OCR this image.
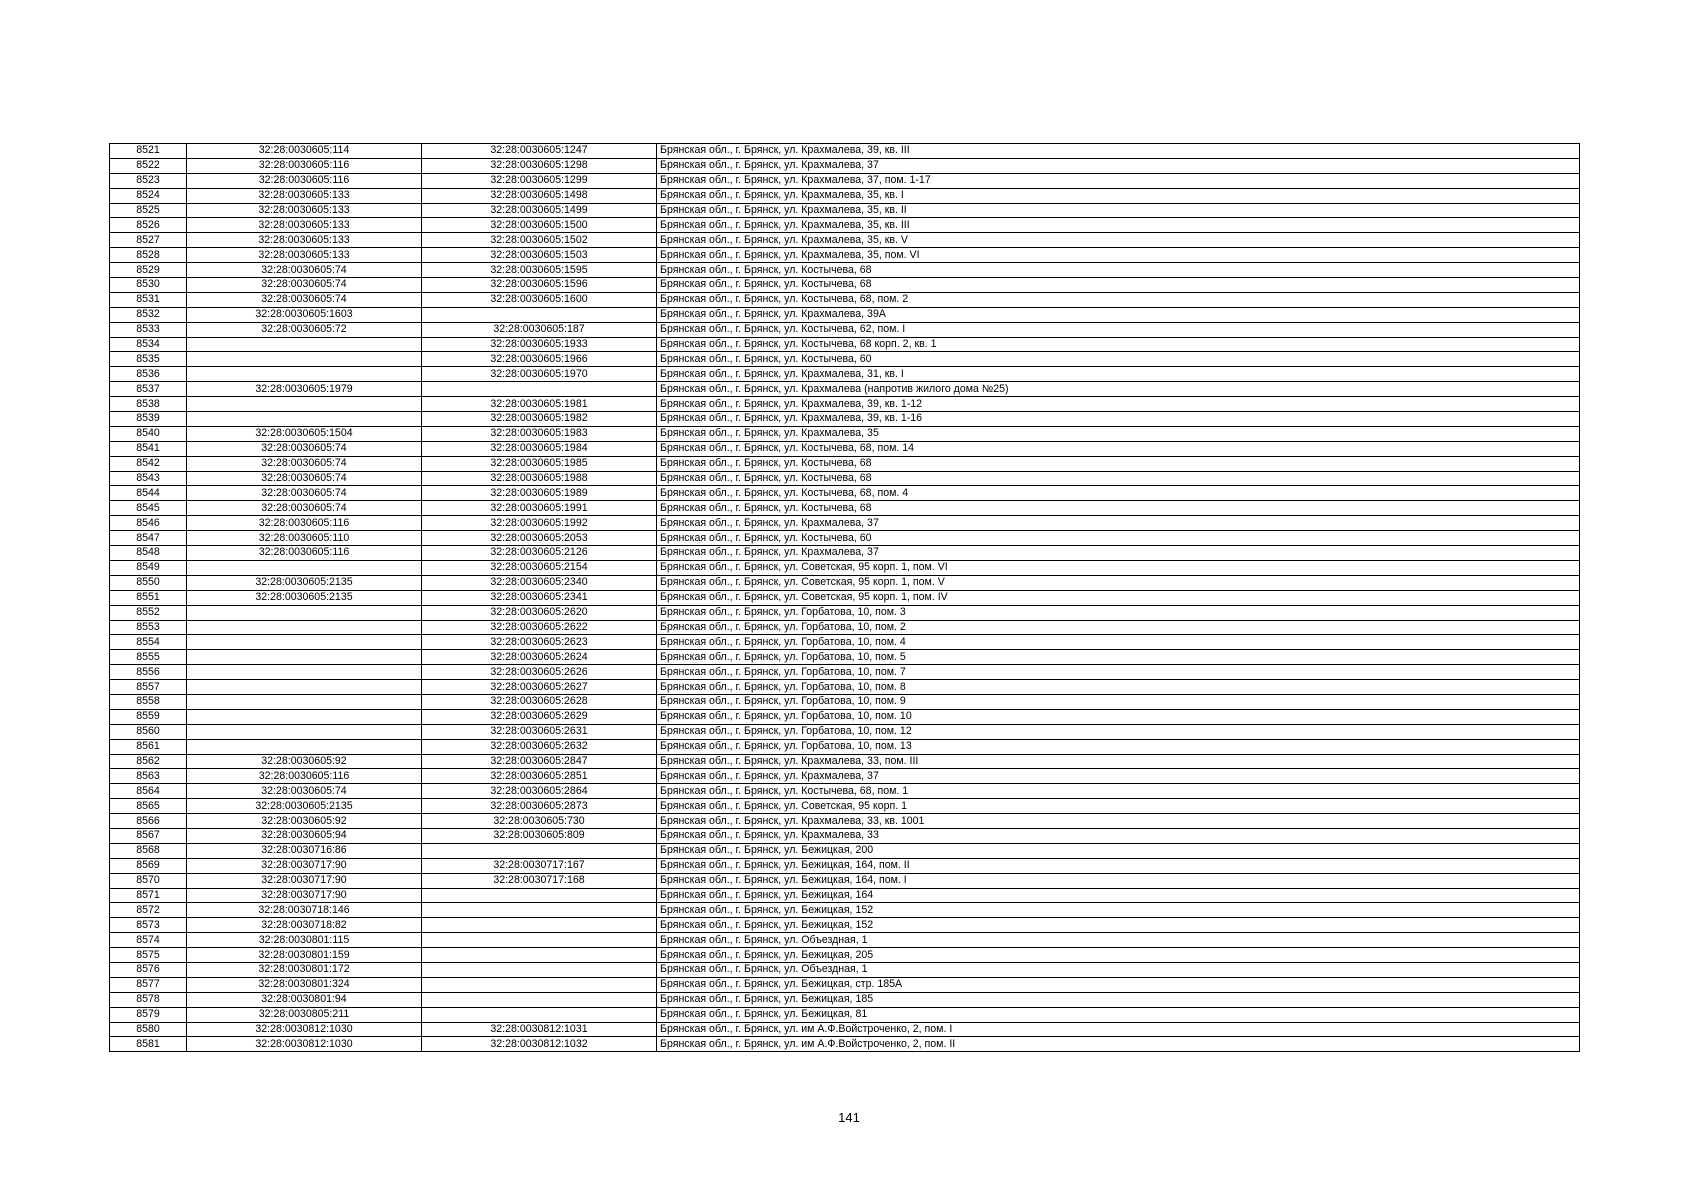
8521	32:28:0030605:114	32:28:0030605:1247	Брянская обл., г. Брянск, ул. Крахмалева, 39, кв. III
8522	32:28:0030605:116	32:28:0030605:1298	Брянская обл., г. Брянск, ул. Крахмалева, 37
8523	32:28:0030605:116	32:28:0030605:1299	Брянская обл., г. Брянск, ул. Крахмалева, 37, пом. 1-17
8524	32:28:0030605:133	32:28:0030605:1498	Брянская обл., г. Брянск, ул. Крахмалева, 35, кв. I
8525	32:28:0030605:133	32:28:0030605:1499	Брянская обл., г. Брянск, ул. Крахмалева, 35, кв. II
8526	32:28:0030605:133	32:28:0030605:1500	Брянская обл., г. Брянск, ул. Крахмалева, 35, кв. III
8527	32:28:0030605:133	32:28:0030605:1502	Брянская обл., г. Брянск, ул. Крахмалева, 35, кв. V
8528	32:28:0030605:133	32:28:0030605:1503	Брянская обл., г. Брянск, ул. Крахмалева, 35, пом. VI
8529	32:28:0030605:74	32:28:0030605:1595	Брянская обл., г. Брянск, ул. Костычева, 68
8530	32:28:0030605:74	32:28:0030605:1596	Брянская обл., г. Брянск, ул. Костычева, 68
8531	32:28:0030605:74	32:28:0030605:1600	Брянская обл., г. Брянск, ул. Костычева, 68, пом. 2
8532	32:28:0030605:1603		Брянская обл., г. Брянск, ул. Крахмалева, 39А
8533	32:28:0030605:72	32:28:0030605:187	Брянская обл., г. Брянск, ул. Костычева, 62, пом. I
8534		32:28:0030605:1933	Брянская обл., г. Брянск, ул. Костычева, 68 корп. 2, кв. 1
8535		32:28:0030605:1966	Брянская обл., г. Брянск, ул. Костычева, 60
8536		32:28:0030605:1970	Брянская обл., г. Брянск, ул. Крахмалева, 31, кв. I
8537	32:28:0030605:1979		Брянская обл., г. Брянск, ул. Крахмалева (напротив жилого дома №25)
8538		32:28:0030605:1981	Брянская обл., г. Брянск, ул. Крахмалева, 39, кв. 1-12
8539		32:28:0030605:1982	Брянская обл., г. Брянск, ул. Крахмалева, 39, кв. 1-16
8540	32:28:0030605:1504	32:28:0030605:1983	Брянская обл., г. Брянск, ул. Крахмалева, 35
8541	32:28:0030605:74	32:28:0030605:1984	Брянская обл., г. Брянск, ул. Костычева, 68, пом. 14
8542	32:28:0030605:74	32:28:0030605:1985	Брянская обл., г. Брянск, ул. Костычева, 68
8543	32:28:0030605:74	32:28:0030605:1988	Брянская обл., г. Брянск, ул. Костычева, 68
8544	32:28:0030605:74	32:28:0030605:1989	Брянская обл., г. Брянск, ул. Костычева, 68, пом. 4
8545	32:28:0030605:74	32:28:0030605:1991	Брянская обл., г. Брянск, ул. Костычева, 68
8546	32:28:0030605:116	32:28:0030605:1992	Брянская обл., г. Брянск, ул. Крахмалева, 37
8547	32:28:0030605:110	32:28:0030605:2053	Брянская обл., г. Брянск, ул. Костычева, 60
8548	32:28:0030605:116	32:28:0030605:2126	Брянская обл., г. Брянск, ул. Крахмалева, 37
8549		32:28:0030605:2154	Брянская обл., г. Брянск, ул. Советская, 95 корп. 1, пом. VI
8550	32:28:0030605:2135	32:28:0030605:2340	Брянская обл., г. Брянск, ул. Советская, 95 корп. 1, пом. V
8551	32:28:0030605:2135	32:28:0030605:2341	Брянская обл., г. Брянск, ул. Советская, 95 корп. 1, пом. IV
8552		32:28:0030605:2620	Брянская обл., г. Брянск, ул. Горбатова, 10, пом. 3
8553		32:28:0030605:2622	Брянская обл., г. Брянск, ул. Горбатова, 10, пом. 2
8554		32:28:0030605:2623	Брянская обл., г. Брянск, ул. Горбатова, 10, пом. 4
8555		32:28:0030605:2624	Брянская обл., г. Брянск, ул. Горбатова, 10, пом. 5
8556		32:28:0030605:2626	Брянская обл., г. Брянск, ул. Горбатова, 10, пом. 7
8557		32:28:0030605:2627	Брянская обл., г. Брянск, ул. Горбатова, 10, пом. 8
8558		32:28:0030605:2628	Брянская обл., г. Брянск, ул. Горбатова, 10, пом. 9
8559		32:28:0030605:2629	Брянская обл., г. Брянск, ул. Горбатова, 10, пом. 10
8560		32:28:0030605:2631	Брянская обл., г. Брянск, ул. Горбатова, 10, пом. 12
8561		32:28:0030605:2632	Брянская обл., г. Брянск, ул. Горбатова, 10, пом. 13
8562	32:28:0030605:92	32:28:0030605:2847	Брянская обл., г. Брянск, ул. Крахмалева, 33, пом. III
8563	32:28:0030605:116	32:28:0030605:2851	Брянская обл., г. Брянск, ул. Крахмалева, 37
8564	32:28:0030605:74	32:28:0030605:2864	Брянская обл., г. Брянск, ул. Костычева, 68, пом. 1
8565	32:28:0030605:2135	32:28:0030605:2873	Брянская обл., г. Брянск, ул. Советская, 95 корп. 1
8566	32:28:0030605:92	32:28:0030605:730	Брянская обл., г. Брянск, ул. Крахмалева, 33, кв. 1001
8567	32:28:0030605:94	32:28:0030605:809	Брянская обл., г. Брянск, ул. Крахмалева, 33
8568	32:28:0030716:86		Брянская обл., г. Брянск, ул. Бежицкая, 200
8569	32:28:0030717:90	32:28:0030717:167	Брянская обл., г. Брянск, ул. Бежицкая, 164, пом. II
8570	32:28:0030717:90	32:28:0030717:168	Брянская обл., г. Брянск, ул. Бежицкая, 164, пом. I
8571	32:28:0030717:90		Брянская обл., г. Брянск, ул. Бежицкая, 164
8572	32:28:0030718:146		Брянская обл., г. Брянск, ул. Бежицкая, 152
8573	32:28:0030718:82		Брянская обл., г. Брянск, ул. Бежицкая, 152
8574	32:28:0030801:115		Брянская обл., г. Брянск, ул. Объездная, 1
8575	32:28:0030801:159		Брянская обл., г. Брянск, ул. Бежицкая, 205
8576	32:28:0030801:172		Брянская обл., г. Брянск, ул. Объездная, 1
8577	32:28:0030801:324		Брянская обл., г. Брянск, ул. Бежицкая, стр. 185А
8578	32:28:0030801:94		Брянская обл., г. Брянск, ул. Бежицкая, 185
8579	32:28:0030805:211		Брянская обл., г. Брянск, ул. Бежицкая, 81
8580	32:28:0030812:1030	32:28:0030812:1031	Брянская обл., г. Брянск, ул. им А.Ф.Войстроченко, 2, пом. I
8581	32:28:0030812:1030	32:28:0030812:1032	Брянская обл., г. Брянск, ул. им А.Ф.Войстроченко, 2, пом. II
141
